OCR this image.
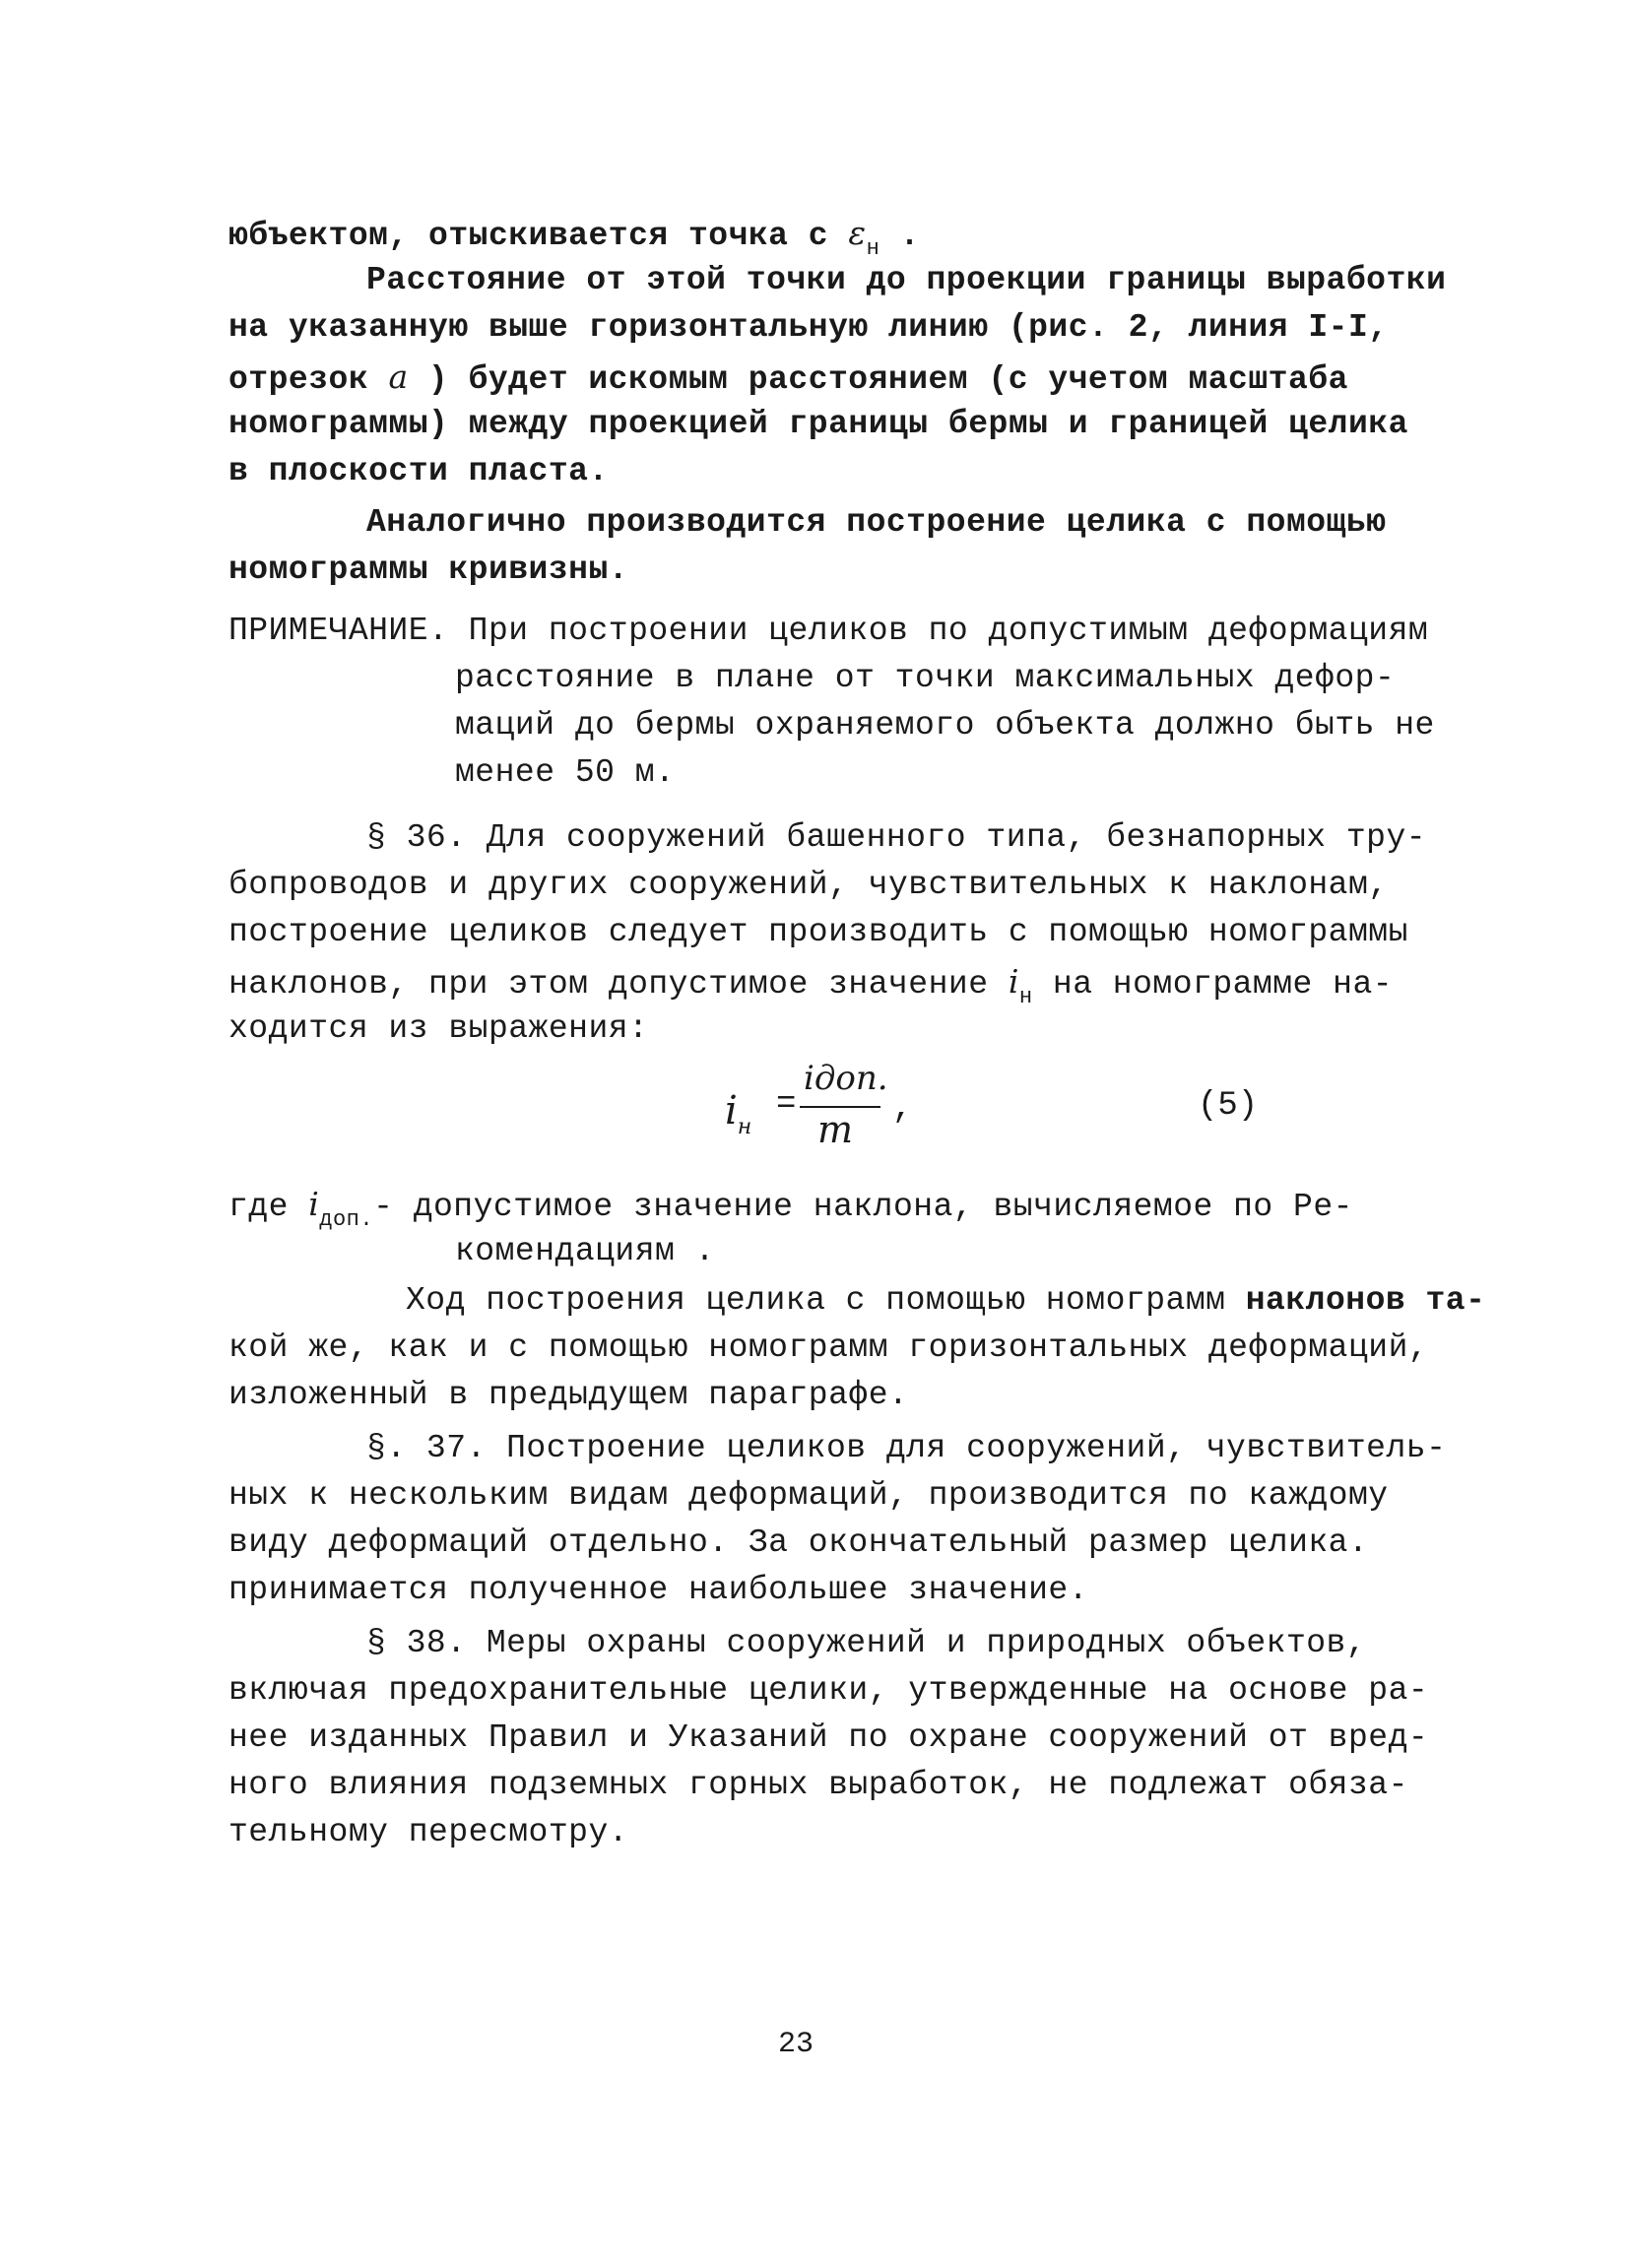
юбъектом, отыскивается точка с $\varepsilon_н$ .
Расстояние от этой точки до проекции границы выработки
на указанную выше горизонтальную линию (рис. 2, линия I-I,
отрезок a ) будет искомым расстоянием (с учетом масштаба
номограммы) между проекцией границы бермы и границей целика
в плоскости пласта.
Аналогично производится построение целика с помощью
номограммы кривизны.
ПРИМЕЧАНИЕ. При построении целиков по допустимым деформациям
расстояние в плане от точки максимальных дефор-
маций до бермы охраняемого объекта должно быть не
менее 50 м.
§ 36. Для сооружений башенного типа, безнапорных тру-
бопроводов и других сооружений, чувствительных к наклонам,
построение целиков следует производить с помощью номограммы
наклонов, при этом допустимое значение $i_н$ на номограмме на-
ходится из выражения:
$i_н$
=
iдоп.
m ,	(5)
где $i_{доп.}-$ допустимое значение наклона, вычисляемое по Ре-
комендациям .
Ход построения целика с помощью номограмм наклонов та-
кой же, как и с помощью номограмм горизонтальных деформаций,
изложенный в предыдущем параграфе.
§. 37. Построение целиков для сооружений, чувствитель-
ных к нескольким видам деформаций, производится по каждому
виду деформаций отдельно. За окончательный размер целика.
принимается полученное наибольшее значение.
§ 38. Меры охраны сооружений и природных объектов,
включая предохранительные целики, утвержденные на основе ра-
нее изданных Правил и Указаний по охране сооружений от вред-
ного влияния подземных горных выработок, не подлежат обяза-
тельному пересмотру.
23
